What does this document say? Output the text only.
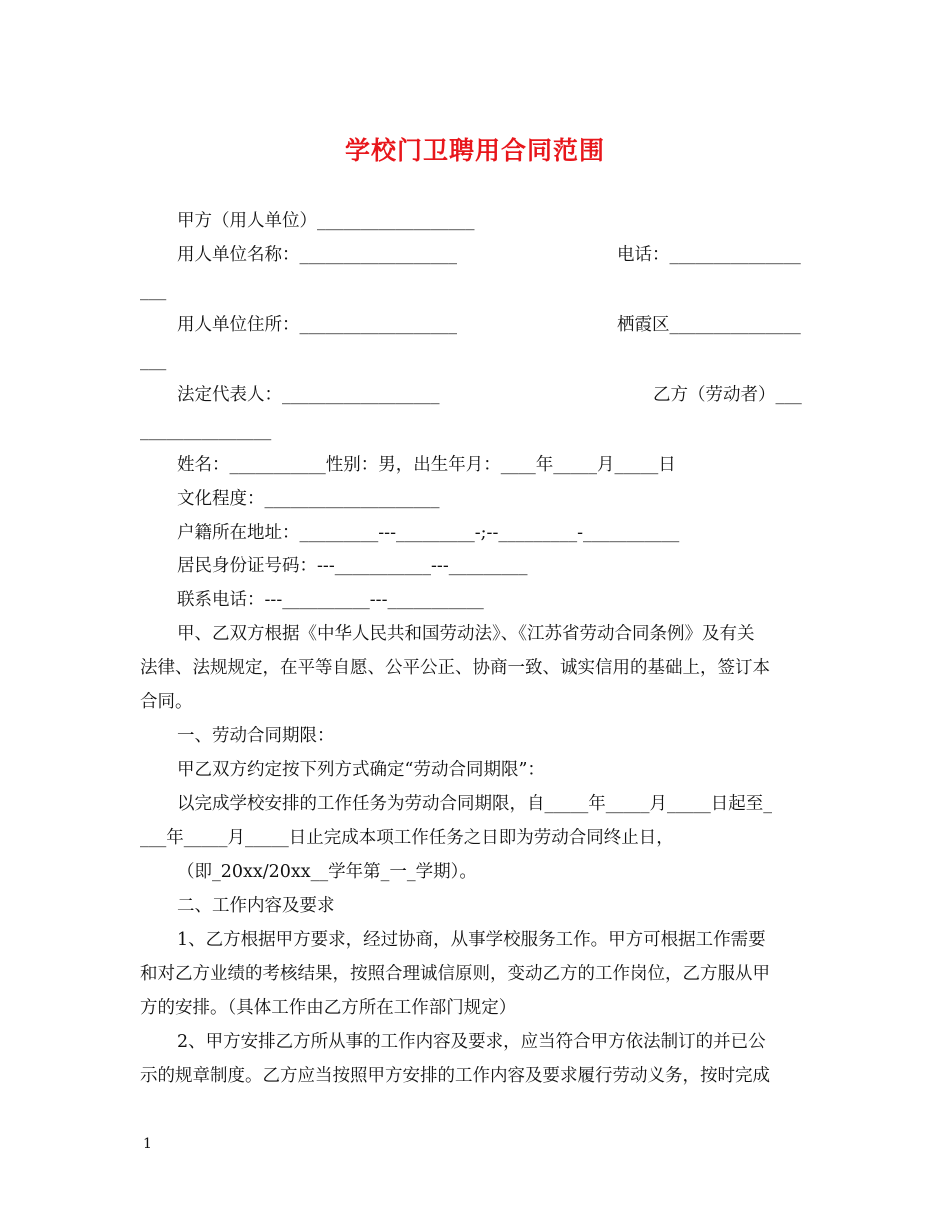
学校门卫聘用合同范围
甲方（用人单位）__________________
用人单位名称：__________________	电话：_______________
___
用人单位住所：__________________	栖霞区_______________
___
法定代表人：__________________	乙方（劳动者）___
_______________
姓名：___________性别：男，出生年月：____年_____月_____日
文化程度：____________________
户籍所在地址：_________---_________-;--_________-___________
居民身份证号码：---___________---_________
联系电话：---__________---___________
甲、乙双方根据《中华人民共和国劳动法》、《江苏省劳动合同条例》及有关
法律、法规规定，在平等自愿、公平公正、协商一致、诚实信用的基础上，签订本
合同。
一、劳动合同期限：
甲乙双方约定按下列方式确定“劳动合同期限”：
以完成学校安排的工作任务为劳动合同期限，自_____年_____月_____日起至_
___年_____月_____日止完成本项工作任务之日即为劳动合同终止日，
（即_20xx/20xx__学年第_一_学期）。
二、工作内容及要求
1、乙方根据甲方要求，经过协商，从事学校服务工作。甲方可根据工作需要
和对乙方业绩的考核结果，按照合理诚信原则，变动乙方的工作岗位，乙方服从甲
方的安排。（具体工作由乙方所在工作部门规定）
2、甲方安排乙方所从事的工作内容及要求，应当符合甲方依法制订的并已公
示的规章制度。乙方应当按照甲方安排的工作内容及要求履行劳动义务，按时完成
1
